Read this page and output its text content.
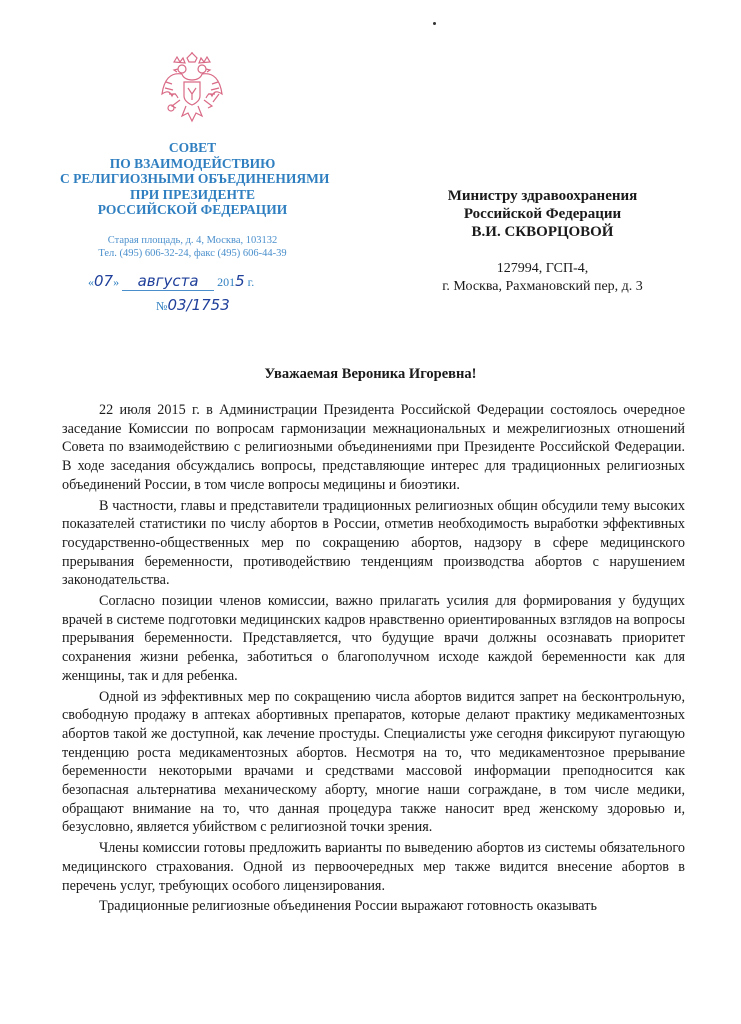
СОВЕТ
ПО ВЗАИМОДЕЙСТВИЮ
С РЕЛИГИОЗНЫМИ ОБЪЕДИНЕНИЯМИ
ПРИ ПРЕЗИДЕНТЕ
РОССИЙСКОЙ ФЕДЕРАЦИИ
Старая площадь, д. 4, Москва, 103132
Тел. (495) 606-32-24, факс (495) 606-44-39
«07» августа 2015 г.
№03/1753
Министру здравоохранения
Российской Федерации
В.И. СКВОРЦОВОЙ
127994, ГСП-4,
г. Москва, Рахмановский пер, д. 3
Уважаемая Вероника Игоревна!

22 июля 2015 г. в Администрации Президента Российской Федерации состоялось очередное заседание Комиссии по вопросам гармонизации межнациональных и межрелигиозных отношений Совета по взаимодействию с религиозными объединениями при Президенте Российской Федерации. В ходе заседания обсуждались вопросы, представляющие интерес для традиционных религиозных объединений России, в том числе вопросы медицины и биоэтики.

В частности, главы и представители традиционных религиозных общин обсудили тему высоких показателей статистики по числу абортов в России, отметив необходимость выработки эффективных государственно-общественных мер по сокращению абортов, надзору в сфере медицинского прерывания беременности, противодействию тенденциям производства абортов с нарушением законодательства.

Согласно позиции членов комиссии, важно прилагать усилия для формирования у будущих врачей в системе подготовки медицинских кадров нравственно ориентированных взглядов на вопросы прерывания беременности. Представляется, что будущие врачи должны осознавать приоритет сохранения жизни ребенка, заботиться о благополучном исходе каждой беременности как для женщины, так и для ребенка.

Одной из эффективных мер по сокращению числа абортов видится запрет на бесконтрольную, свободную продажу в аптеках абортивных препаратов, которые делают практику медикаментозных абортов такой же доступной, как лечение простуды. Специалисты уже сегодня фиксируют пугающую тенденцию роста медикаментозных абортов. Несмотря на то, что медикаментозное прерывание беременности некоторыми врачами и средствами массовой информации преподносится как безопасная альтернатива механическому аборту, многие наши сограждане, в том числе медики, обращают внимание на то, что данная процедура также наносит вред женскому здоровью и, безусловно, является убийством с религиозной точки зрения.

Члены комиссии готовы предложить варианты по выведению абортов из системы обязательного медицинского страхования. Одной из первоочередных мер также видится внесение абортов в перечень услуг, требующих особого лицензирования.

Традиционные религиозные объединения России выражают готовность оказывать
